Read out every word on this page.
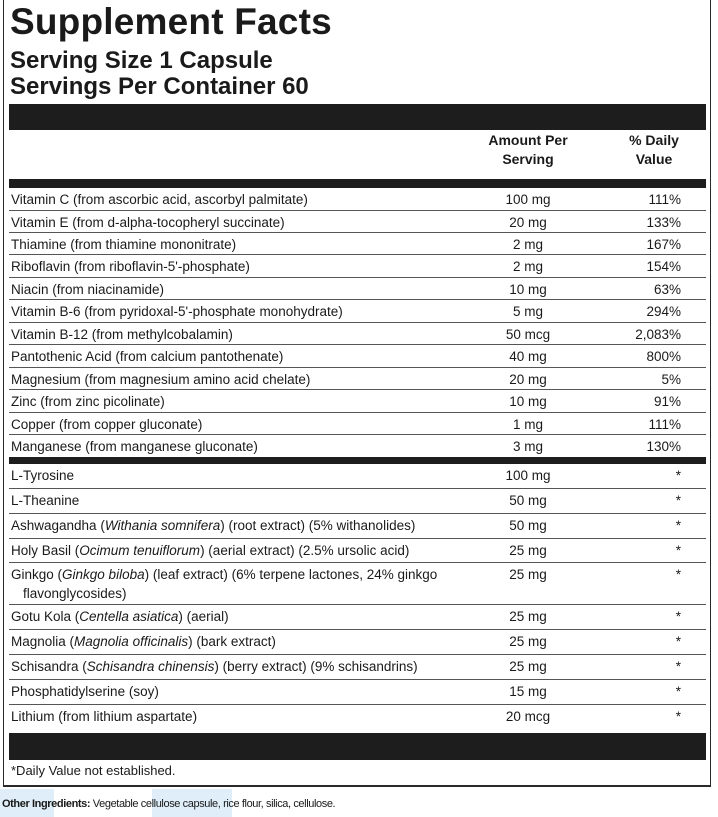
Supplement Facts
Serving Size 1 Capsule
Servings Per Container 60
Amount Per
Serving
% Daily
Value
Vitamin C (from ascorbic acid, ascorbyl palmitate)	100 mg	111%
Vitamin E (from d-alpha-tocopheryl succinate)	20 mg	133%
Thiamine (from thiamine mononitrate)	2 mg	167%
Riboflavin (from riboflavin-5'-phosphate)	2 mg	154%
Niacin (from niacinamide)	10 mg	63%
Vitamin B-6 (from pyridoxal-5'-phosphate monohydrate)	5 mg	294%
Vitamin B-12 (from methylcobalamin)	50 mcg	2,083%
Pantothenic Acid (from calcium pantothenate)	40 mg	800%
Magnesium (from magnesium amino acid chelate)	20 mg	5%
Zinc (from zinc picolinate)	10 mg	91%
Copper (from copper gluconate)	1 mg	111%
Manganese (from manganese gluconate)	3 mg	130%
L-Tyrosine	100 mg	*
L-Theanine	50 mg	*
Ashwagandha (Withania somnifera) (root extract) (5% withanolides)	50 mg	*
Holy Basil (Ocimum tenuiflorum) (aerial extract) (2.5% ursolic acid)	25 mg	*
Ginkgo (Ginkgo biloba) (leaf extract) (6% terpene lactones, 24% ginkgo
flavonglycosides)
25 mg	*
Gotu Kola (Centella asiatica) (aerial)	25 mg	*
Magnolia (Magnolia officinalis) (bark extract)	25 mg	*
Schisandra (Schisandra chinensis) (berry extract) (9% schisandrins)	25 mg	*
Phosphatidylserine (soy)	15 mg	*
Lithium (from lithium aspartate)	20 mcg	*
*Daily Value not established.
Other Ingredients: Vegetable cellulose capsule, rice flour, silica, cellulose.
